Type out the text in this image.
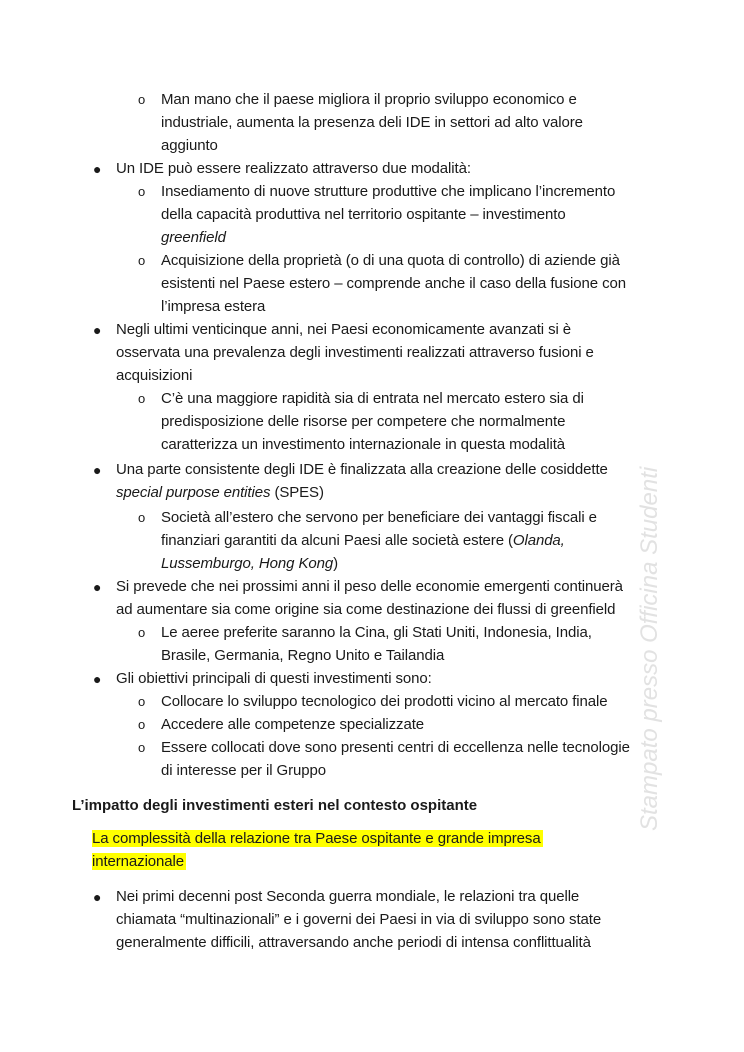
o Man mano che il paese migliora il proprio sviluppo economico e
industriale, aumenta la presenza deli IDE in settori ad alto valore
aggiunto
● Un IDE può essere realizzato attraverso due modalità:
o Insediamento di nuove strutture produttive che implicano l’incremento
della capacità produttiva nel territorio ospitante – investimento
greenfield
o Acquisizione della proprietà (o di una quota di controllo) di aziende già
esistenti nel Paese estero – comprende anche il caso della fusione con
l’impresa estera
● Negli ultimi venticinque anni, nei Paesi economicamente avanzati si è
osservata una prevalenza degli investimenti realizzati attraverso fusioni e
acquisizioni
o C’è una maggiore rapidità sia di entrata nel mercato estero sia di
predisposizione delle risorse per competere che normalmente
caratterizza un investimento internazionale in questa modalità
● Una parte consistente degli IDE è finalizzata alla creazione delle cosiddette
special purpose entities (SPES)
o Società all’estero che servono per beneficiare dei vantaggi fiscali e
finanziari garantiti da alcuni Paesi alle società estere (Olanda,
Lussemburgo, Hong Kong)
● Si prevede che nei prossimi anni il peso delle economie emergenti continuerà
ad aumentare sia come origine sia come destinazione dei flussi di greenfield
o Le aeree preferite saranno la Cina, gli Stati Uniti, Indonesia, India,
Brasile, Germania, Regno Unito e Tailandia
● Gli obiettivi principali di questi investimenti sono:
o Collocare lo sviluppo tecnologico dei prodotti vicino al mercato finale
o Accedere alle competenze specializzate
o Essere collocati dove sono presenti centri di eccellenza nelle tecnologie
di interesse per il Gruppo
L’impatto degli investimenti esteri nel contesto ospitante
La complessità della relazione tra Paese ospitante e grande impresa
internazionale
● Nei primi decenni post Seconda guerra mondiale, le relazioni tra quelle
chiamata “multinazionali” e i governi dei Paesi in via di sviluppo sono state
generalmente difficili, attraversando anche periodi di intensa conflittualità
Stampato presso Officina Studenti
